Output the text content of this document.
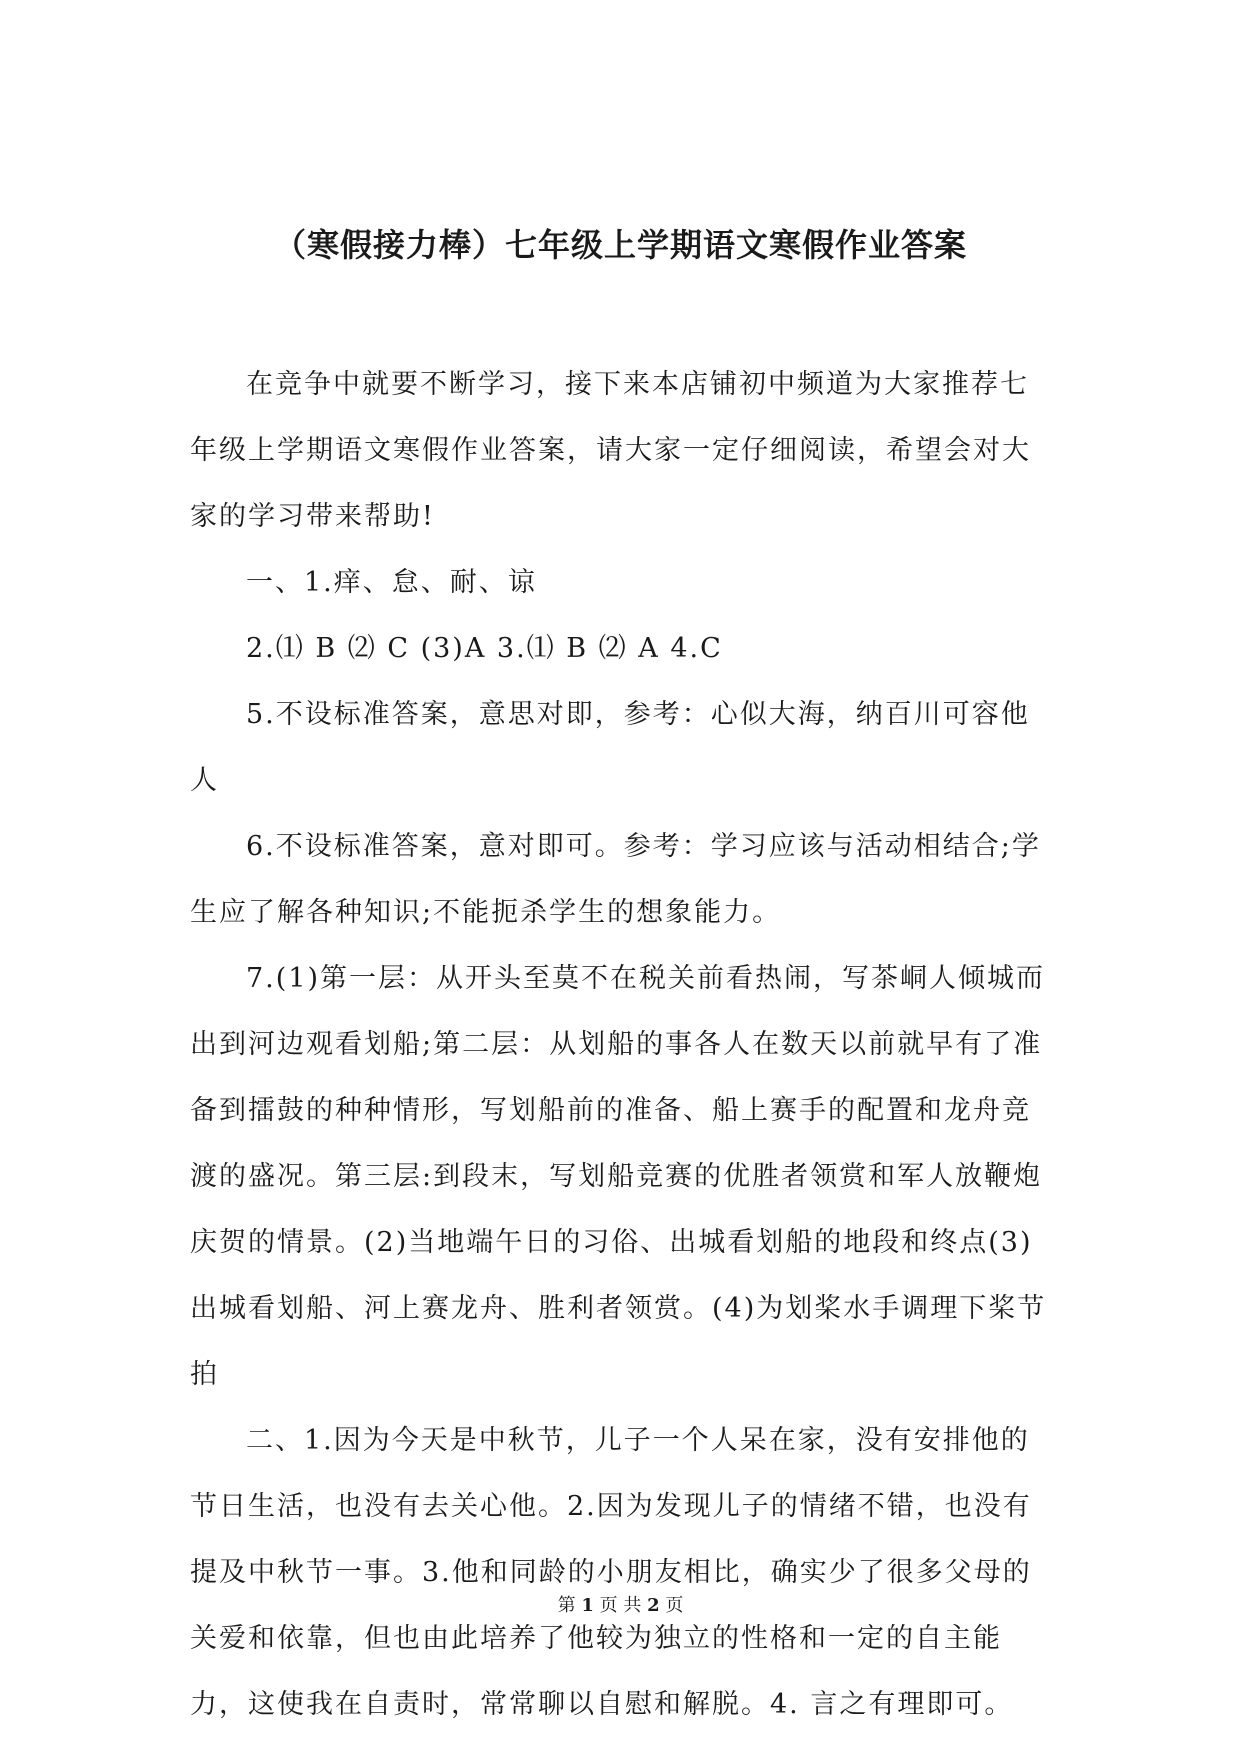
（寒假接力棒）七年级上学期语文寒假作业答案

在竞争中就要不断学习，接下来本店铺初中频道为大家推荐七年级上学期语文寒假作业答案，请大家一定仔细阅读，希望会对大家的学习带来帮助!

一、1.痒、怠、耐、谅

2.⑴ B ⑵ C (3)A 3.⑴ B ⑵ A 4.C

5.不设标准答案，意思对即，参考：心似大海，纳百川可容他人

6.不设标准答案，意对即可。参考：学习应该与活动相结合;学生应了解各种知识;不能扼杀学生的想象能力。

7.(1)第一层：从开头至莫不在税关前看热闹，写茶峒人倾城而出到河边观看划船;第二层：从划船的事各人在数天以前就早有了准备到擂鼓的种种情形，写划船前的准备、船上赛手的配置和龙舟竞渡的盛况。第三层:到段末，写划船竞赛的优胜者领赏和军人放鞭炮庆贺的情景。(2)当地端午日的习俗、出城看划船的地段和终点(3)出城看划船、河上赛龙舟、胜利者领赏。(4)为划桨水手调理下桨节拍

二、1.因为今天是中秋节，儿子一个人呆在家，没有安排他的节日生活，也没有去关心他。2.因为发现儿子的情绪不错，也没有提及中秋节一事。3.他和同龄的小朋友相比，确实少了很多父母的关爱和依靠，但也由此培养了他较为独立的性格和一定的自主能力，这使我在自责时，常常聊以自慰和解脱。4. 言之有理即可。

第 1 页 共 2 页
